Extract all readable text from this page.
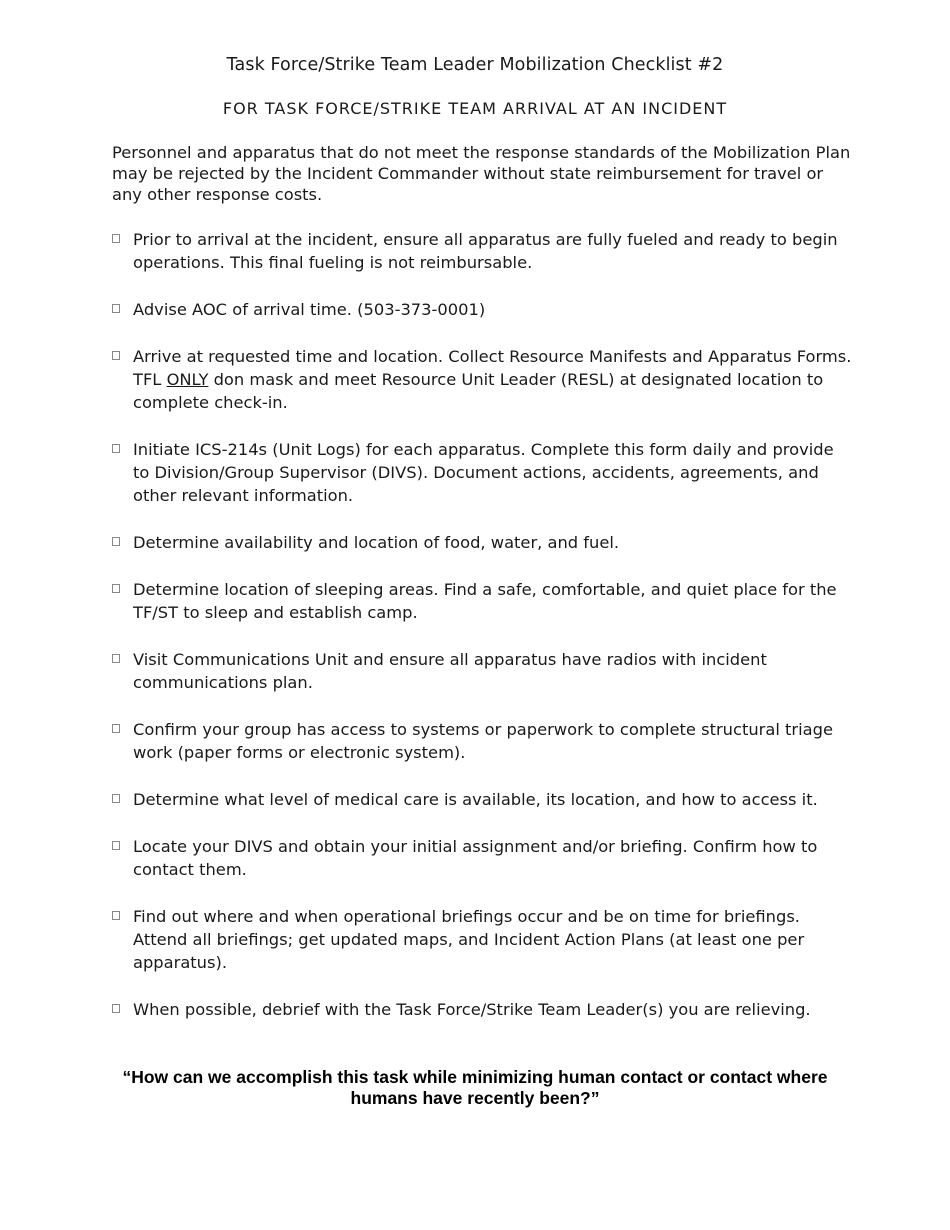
Task Force/Strike Team Leader Mobilization Checklist #2
FOR TASK FORCE/STRIKE TEAM ARRIVAL AT AN INCIDENT
Personnel and apparatus that do not meet the response standards of the Mobilization Plan may be rejected by the Incident Commander without state reimbursement for travel or any other response costs.
Prior to arrival at the incident, ensure all apparatus are fully fueled and ready to begin operations. This final fueling is not reimbursable.
Advise AOC of arrival time. (503-373-0001)
Arrive at requested time and location. Collect Resource Manifests and Apparatus Forms. TFL ONLY don mask and meet Resource Unit Leader (RESL) at designated location to complete check-in.
Initiate ICS-214s (Unit Logs) for each apparatus. Complete this form daily and provide to Division/Group Supervisor (DIVS). Document actions, accidents, agreements, and other relevant information.
Determine availability and location of food, water, and fuel.
Determine location of sleeping areas. Find a safe, comfortable, and quiet place for the TF/ST to sleep and establish camp.
Visit Communications Unit and ensure all apparatus have radios with incident communications plan.
Confirm your group has access to systems or paperwork to complete structural triage work (paper forms or electronic system).
Determine what level of medical care is available, its location, and how to access it.
Locate your DIVS and obtain your initial assignment and/or briefing. Confirm how to contact them.
Find out where and when operational briefings occur and be on time for briefings. Attend all briefings; get updated maps, and Incident Action Plans (at least one per apparatus).
When possible, debrief with the Task Force/Strike Team Leader(s) you are relieving.
“How can we accomplish this task while minimizing human contact or contact where humans have recently been?”
